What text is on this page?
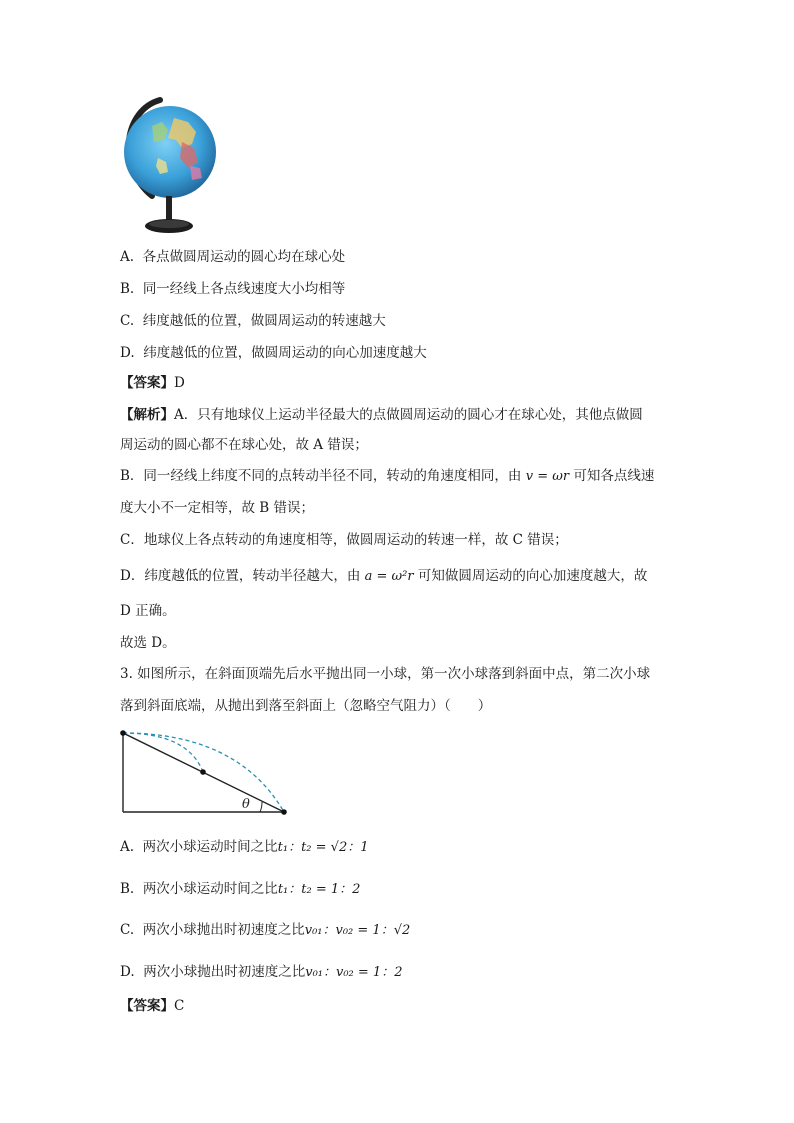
A. 各点做圆周运动的圆心均在球心处
B. 同一经线上各点线速度大小均相等
C. 纬度越低的位置，做圆周运动的转速越大
D. 纬度越低的位置，做圆周运动的向心加速度越大
【答案】D
【解析】A．只有地球仪上运动半径最大的点做圆周运动的圆心才在球心处，其他点做圆
周运动的圆心都不在球心处，故 A 错误；
B．同一经线上纬度不同的点转动半径不同，转动的角速度相同，由 v = ωr 可知各点线速
度大小不一定相等，故 B 错误；
C．地球仪上各点转动的角速度相等，做圆周运动的转速一样，故 C 错误；
D．纬度越低的位置，转动半径越大，由 a = ω²r 可知做圆周运动的向心加速度越大，故
D 正确。
故选 D。
3. 如图所示，在斜面顶端先后水平抛出同一小球，第一次小球落到斜面中点，第二次小球
落到斜面底端，从抛出到落至斜面上（忽略空气阻力）（　　）
θ
A. 两次小球运动时间之比t₁：t₂ = √2：1
B. 两次小球运动时间之比t₁：t₂ = 1：2
C. 两次小球抛出时初速度之比v₀₁：v₀₂ = 1：√2
D. 两次小球抛出时初速度之比v₀₁：v₀₂ = 1：2
【答案】C
